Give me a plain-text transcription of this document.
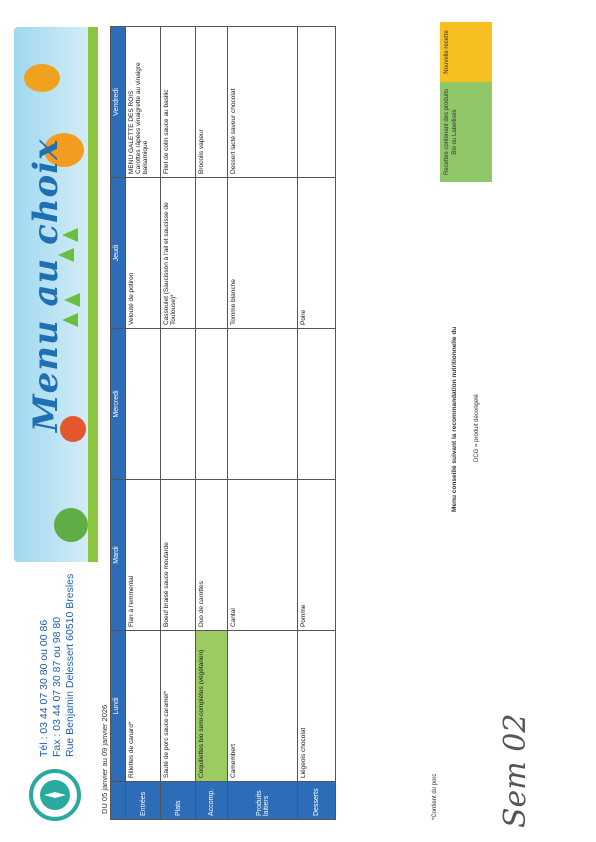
Tél : 03 44 07 30 80 ou 00 86 Fax : 03 44 07 30 87 ou 98 80 Rue Benjamin Delessert 60510 Bresles
Menu au choix
DU 05 janvier au 09 janvier 2026
	Lundi	Mardi	Mercredi	Jeudi	Vendredi
Entrées	Rillettes de canard*	Flan à l'emmental		Velouté de potiron	MENU GALETTE DES ROIS Carottes râpées vinaigrette au vinaigre balsamique

Plats	Sauté de porc sauce caramel*	Boeuf braisé sauce moutarde		Cassoulet (Saucisson à l'ail et saucisse de Toulouse)*	Filet de colin sauce au basilic

Accomp.	Coquillettes bio semi-complètes (végétarien)	Duo de carottes			Brocolis vapeur

Produits laitiers	Camembert	Cantal		Tomme blanche	Dessert lacté saveur chocolat

Desserts	Liégeois chocolat	Pomme		Poire	

*Contient du porc
Menu conseillé suivant la recommandation nutritionnelle du	DCG = produit décongelé
Recettes contenant des produits Bio ou Labellisés
Nouvelle recette
Sem 02
